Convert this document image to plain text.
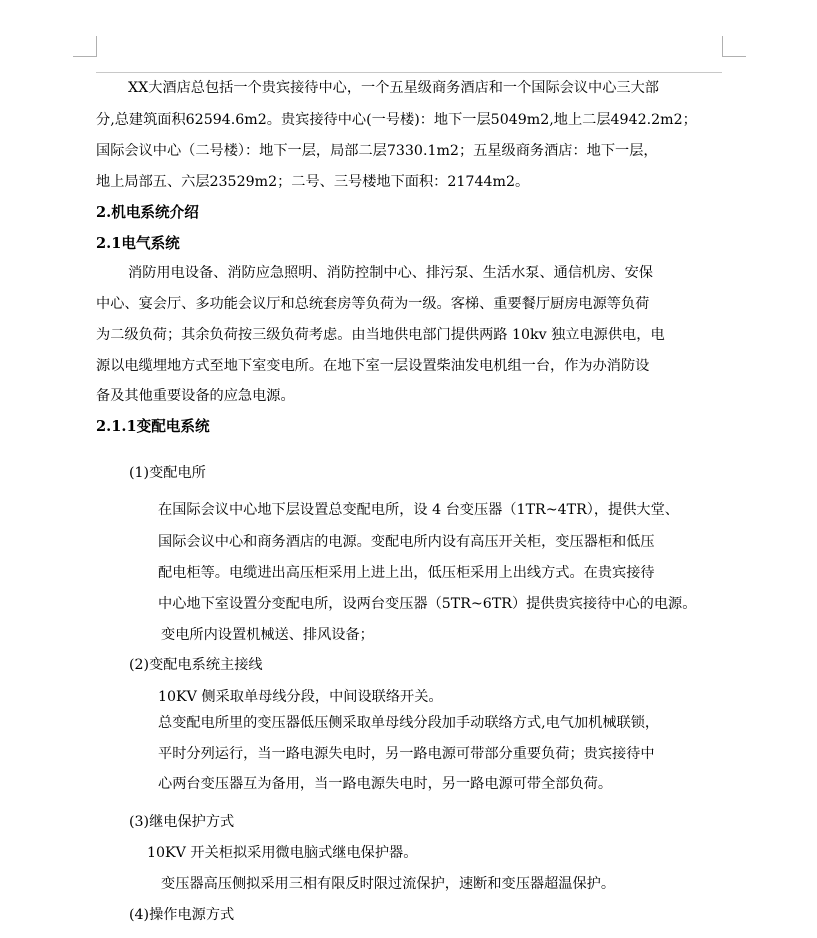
XX大酒店总包括一个贵宾接待中心，一个五星级商务酒店和一个国际会议中心三大部
分,总建筑面积62594.6m2。贵宾接待中心(一号楼)：地下一层5049m2,地上二层4942.2m2；
国际会议中心（二号楼）：地下一层，局部二层7330.1m2；五星级商务酒店：地下一层，
地上局部五、六层23529m2；二号、三号楼地下面积：21744m2。
2.机电系统介绍
2.1电气系统
消防用电设备、消防应急照明、消防控制中心、排污泵、生活水泵、通信机房、安保
中心、宴会厅、多功能会议厅和总统套房等负荷为一级。客梯、重要餐厅厨房电源等负荷
为二级负荷；其余负荷按三级负荷考虑。由当地供电部门提供两路 10kv 独立电源供电，电
源以电缆埋地方式至地下室变电所。在地下室一层设置柴油发电机组一台，作为办消防设
备及其他重要设备的应急电源。
2.1.1变配电系统
(1)变配电所
在国际会议中心地下层设置总变配电所，设 4 台变压器（1TR~4TR），提供大堂、
国际会议中心和商务酒店的电源。变配电所内设有高压开关柜，变压器柜和低压
配电柜等。电缆进出高压柜采用上进上出，低压柜采用上出线方式。在贵宾接待
中心地下室设置分变配电所，设两台变压器（5TR~6TR）提供贵宾接待中心的电源。
变电所内设置机械送、排风设备；
(2)变配电系统主接线
10KV 侧采取单母线分段，中间设联络开关。
总变配电所里的变压器低压侧采取单母线分段加手动联络方式,电气加机械联锁，
平时分列运行，当一路电源失电时，另一路电源可带部分重要负荷；贵宾接待中
心两台变压器互为备用，当一路电源失电时，另一路电源可带全部负荷。
(3)继电保护方式
10KV 开关柜拟采用微电脑式继电保护器。
变压器高压侧拟采用三相有限反时限过流保护，速断和变压器超温保护。
(4)操作电源方式
